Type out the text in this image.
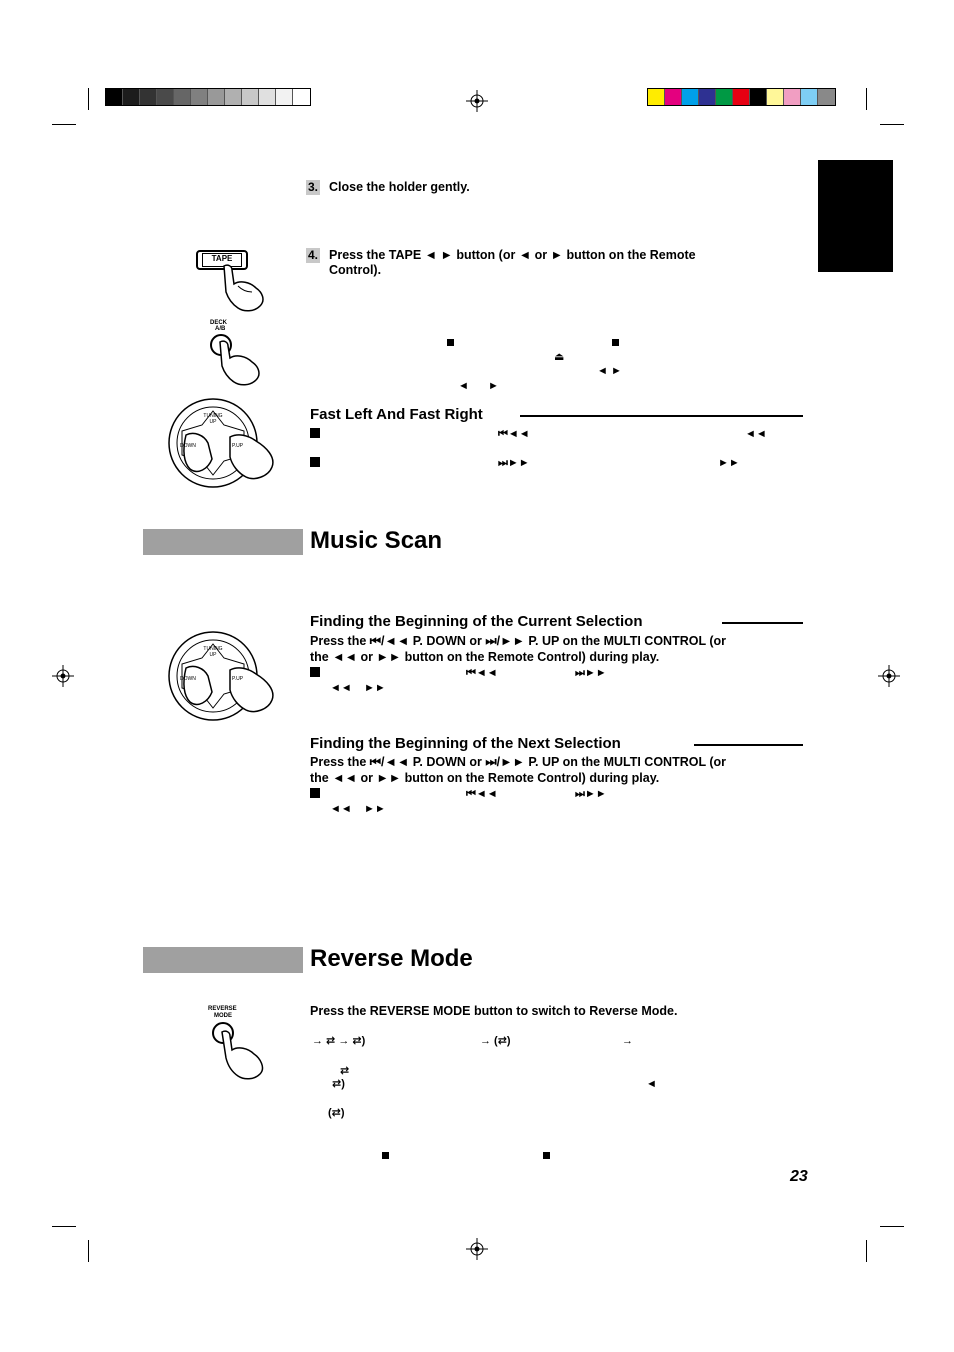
3. Close the holder gently.
4. Press the TAPE ◄ ► button (or ◄ or ► button on the Remote
Control).
TAPE
DECK
A/B
TUNING UP
DOWN	P.UP
⏏
◄ ►
◄ ►
Fast Left And Fast Right
⏮◄◄	◄◄
⏭►►	►►
Music Scan
TUNING UP
DOWN	P.UP
Finding the Beginning of the Current Selection
Press the ⏮/◄◄ P. DOWN or ⏭/►► P. UP on the MULTI CONTROL (or
the ◄◄ or ►► button on the Remote Control) during play.
⏮◄◄	⏭►►
◄◄ ►►
Finding the Beginning of the Next Selection
Press the ⏮/◄◄ P. DOWN or ⏭/►► P. UP on the MULTI CONTROL (or
the ◄◄ or ►► button on the Remote Control) during play.
⏮◄◄	⏭►►
◄◄ ►►
Reverse Mode
REVERSE
MODE	Press the REVERSE MODE button to switch to Reverse Mode.
→ ⇄ → ⇄)	→ (⇄)	→
⇄
⇄)	◄
(⇄)
23
